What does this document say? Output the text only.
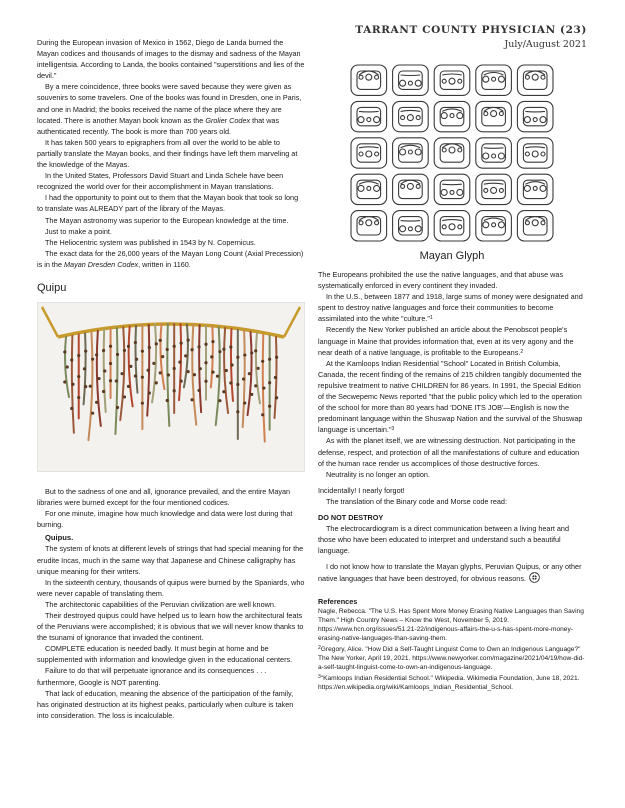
TARRANT COUNTY PHYSICIAN (23)
July/August 2021

During the European invasion of Mexico in 1562, Diego de Landa burned the Mayan codices and thousands of images to the dismay and sadness of the Mayan intelligentsia. According to Landa, the books contained "superstitions and lies of the devil."

By a mere coincidence, three books were saved because they were given as souvenirs to some travelers. One of the books was found in Dresden, one in Paris, and one in Madrid; the books received the name of the place where they are located. There is another Mayan book known as the Grolier Codex that was authenticated recently. The book is more than 700 years old.

It has taken 500 years to epigraphers from all over the world to be able to partially translate the Mayan books, and their findings have left them marveling at the knowledge of the Mayas.

In the United States, Professors David Stuart and Linda Schele have been recognized the world over for their accomplishment in Mayan translations.

I had the opportunity to point out to them that the Mayan book that took so long to translate was ALREADY part of the library of the Mayas.

The Mayan astronomy was superior to the European knowledge at the time.

Just to make a point.

The Heliocentric system was published in 1543 by N. Copernicus.

The exact data for the 26,000 years of the Mayan Long Count (Axial Precession) is in the Mayan Dresden Codex, written in 1160.

Quipu

But to the sadness of one and all, ignorance prevailed, and the entire Mayan libraries were burned except for the four mentioned codices.

For one minute, imagine how much knowledge and data were lost during that burning.

Quipus.

The system of knots at different levels of strings that had special meaning for the erudite Incas, much in the same way that Japanese and Chinese calligraphy has unique meaning for their writers.

In the sixteenth century, thousands of quipus were burned by the Spaniards, who were never capable of translating them.

The architectonic capabilities of the Peruvian civilization are well known.

Their destroyed quipus could have helped us to learn how the architectural feats of the Peruvians were accomplished; it is obvious that we will never know thanks to the tsunami of ignorance that invaded the continent.

COMPLETE education is needed badly. It must begin at home and be supplemented with information and knowledge given in the educational centers.

Failure to do that will perpetuate ignorance and its consequences . . . furthermore, Google is NOT parenting.

That lack of education, meaning the absence of the participation of the family, has originated destruction at its highest peaks, particularly when culture is taken into consideration. The loss is incalculable.

Mayan Glyph

The Europeans prohibited the use the native languages, and that abuse was systematically enforced in every continent they invaded.

In the U.S., between 1877 and 1918, large sums of money were designated and spent to destroy native languages and force their communities to become assimilated into the white "culture."$^1$

Recently the New Yorker published an article about the Penobscot people's language in Maine that provides information that, even at its very agony and the near death of a native language, is profitable to the Europeans.$^2$

At the Kamloops Indian Residential "School" Located in British Columbia, Canada, the recent finding of the remains of 215 children tangibly documented the repulsive treatment to native CHILDREN for 86 years. In 1991, the Special Edition of the Secwepemc News reported "that the public policy which led to the operation of the school for more than 80 years had 'DONE ITS JOB'—English is now the predominant language within the Shuswap Nation and the survival of the Shuswap language is uncertain."$^3$

As with the planet itself, we are witnessing destruction. Not participating in the defense, respect, and protection of all the manifestations of culture and education of the human race render us accomplices of those destructive forces.

Neutrality is no longer an option.

Incidentally! I nearly forgot!

The translation of the Binary code and Morse code read:

DO NOT DESTROY

The electrocardiogram is a direct communication between a living heart and those who have been educated to interpret and understand such a beautiful language.

I do not know how to translate the Mayan glyphs, Peruvian Quipus, or any other native languages that have been destroyed, for obvious reasons.

References

Nagle, Rebecca. "The U.S. Has Spent More Money Erasing Native Languages than Saving Them." High Country News – Know the West, November 5, 2019. https://www.hcn.org/issues/51.21-22/indigenous-affairs-the-u-s-has-spent-more-money-erasing-native-languages-than-saving-them.

$^2$Gregory, Alice. "How Did a Self-Taught Linguist Come to Own an Indigenous Language?" The New Yorker, April 19, 2021. https://www.newyorker.com/magazine/2021/04/19/how-did-a-self-taught-linguist-come-to-own-an-indigenous-language.

$^3$"Kamloops Indian Residential School." Wikipedia. Wikimedia Foundation, June 18, 2021. https://en.wikipedia.org/wiki/Kamloops_Indian_Residential_School.
